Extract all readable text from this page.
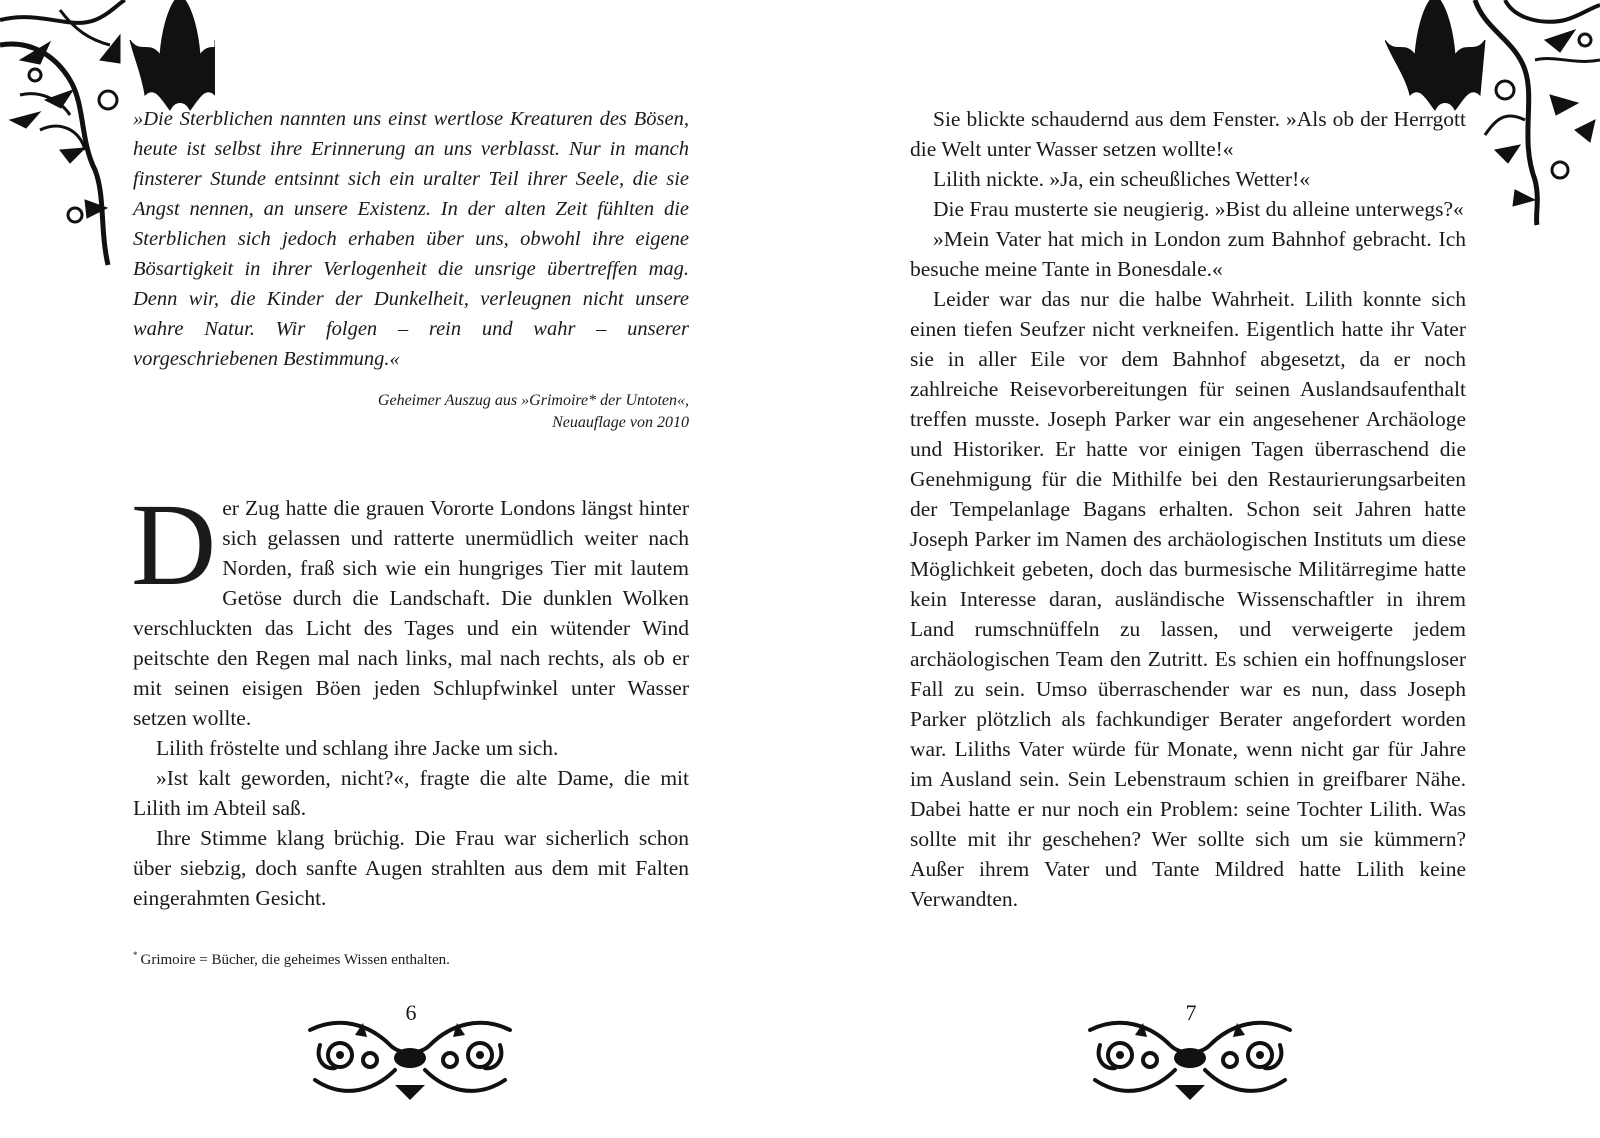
»Die Sterblichen nannten uns einst wertlose Kreaturen des Bösen, heute ist selbst ihre Erinnerung an uns verblasst. Nur in manch finsterer Stunde entsinnt sich ein uralter Teil ihrer Seele, die sie Angst nennen, an unsere Existenz. In der alten Zeit fühlten die Sterblichen sich jedoch erhaben über uns, obwohl ihre eigene Bösartigkeit in ihrer Verlogenheit die unsrige übertreffen mag. Denn wir, die Kinder der Dunkelheit, verleugnen nicht unsere wahre Natur. Wir folgen – rein und wahr – unserer vorgeschriebenen Bestimmung.«
Geheimer Auszug aus »Grimoire* der Untoten«,
Neuauflage von 2010

Der Zug hatte die grauen Vororte Londons längst hinter sich gelassen und ratterte unermüdlich weiter nach Norden, fraß sich wie ein hungriges Tier mit lautem Getöse durch die Landschaft. Die dunklen Wolken verschluckten das Licht des Tages und ein wütender Wind peitschte den Regen mal nach links, mal nach rechts, als ob er mit seinen eisigen Böen jeden Schlupfwinkel unter Wasser setzen wollte.

Lilith fröstelte und schlang ihre Jacke um sich.

»Ist kalt geworden, nicht?«, fragte die alte Dame, die mit Lilith im Abteil saß.

Ihre Stimme klang brüchig. Die Frau war sicherlich schon über siebzig, doch sanfte Augen strahlten aus dem mit Falten eingerahmten Gesicht.

* Grimoire = Bücher, die geheimes Wissen enthalten.
6

Sie blickte schaudernd aus dem Fenster. »Als ob der Herrgott die Welt unter Wasser setzen wollte!«

Lilith nickte. »Ja, ein scheußliches Wetter!«

Die Frau musterte sie neugierig. »Bist du alleine unterwegs?«

»Mein Vater hat mich in London zum Bahnhof gebracht. Ich besuche meine Tante in Bonesdale.«

Leider war das nur die halbe Wahrheit. Lilith konnte sich einen tiefen Seufzer nicht verkneifen. Eigentlich hatte ihr Vater sie in aller Eile vor dem Bahnhof abgesetzt, da er noch zahlreiche Reisevorbereitungen für seinen Auslandsaufenthalt treffen musste. Joseph Parker war ein angesehener Archäologe und Historiker. Er hatte vor einigen Tagen überraschend die Genehmigung für die Mithilfe bei den Restaurierungsarbeiten der Tempelanlage Bagans erhalten. Schon seit Jahren hatte Joseph Parker im Namen des archäologischen Instituts um diese Möglichkeit gebeten, doch das burmesische Militärregime hatte kein Interesse daran, ausländische Wissenschaftler in ihrem Land rumschnüffeln zu lassen, und verweigerte jedem archäologischen Team den Zutritt. Es schien ein hoffnungsloser Fall zu sein. Umso überraschender war es nun, dass Joseph Parker plötzlich als fachkundiger Berater angefordert worden war. Liliths Vater würde für Monate, wenn nicht gar für Jahre im Ausland sein. Sein Lebenstraum schien in greifbarer Nähe. Dabei hatte er nur noch ein Problem: seine Tochter Lilith. Was sollte mit ihr geschehen? Wer sollte sich um sie kümmern? Außer ihrem Vater und Tante Mildred hatte Lilith keine Verwandten.

7
